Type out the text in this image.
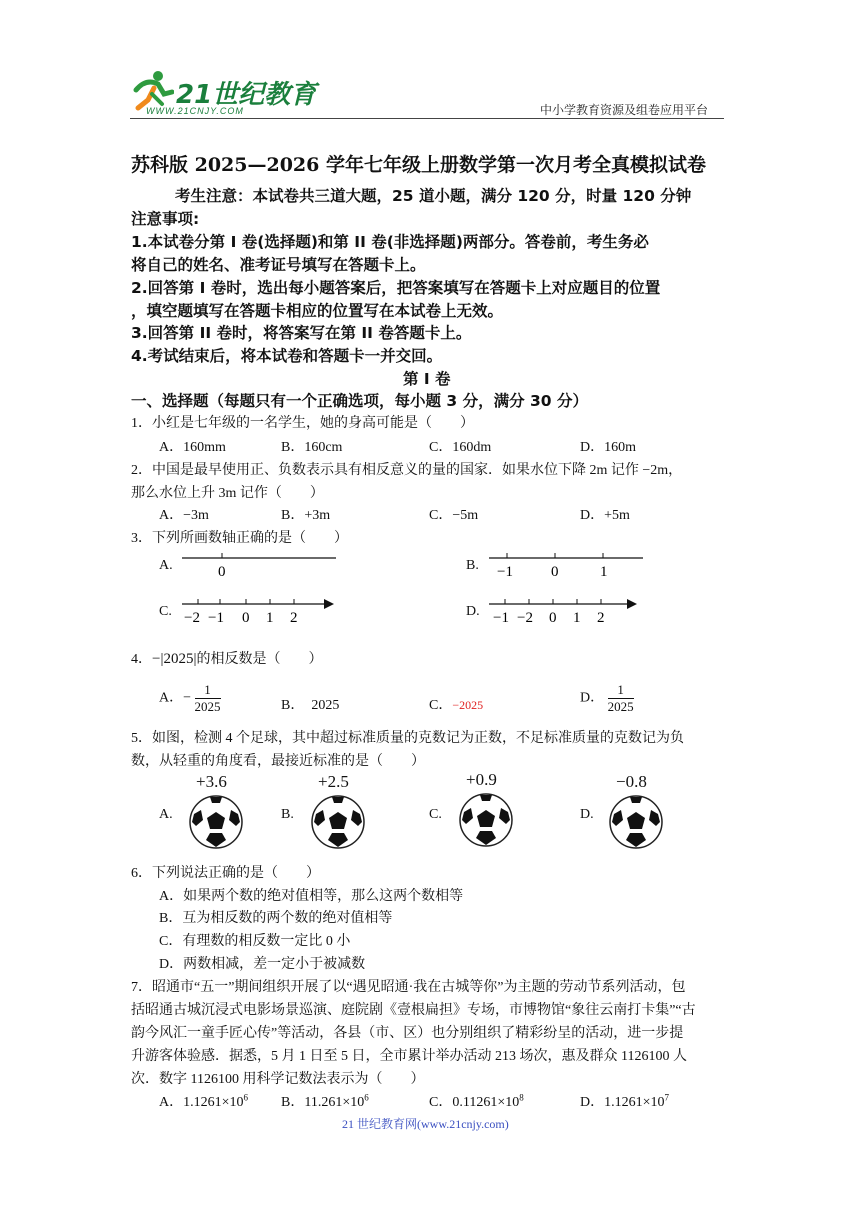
21世纪教育
WWW.21CNJY.COM	中小学教育资源及组卷应用平台
苏科版 2025—2026 学年七年级上册数学第一次月考全真模拟试卷
考生注意：本试卷共三道大题，25 道小题，满分 120 分，时量 120 分钟
注意事项:
1.本试卷分第 I 卷(选择题)和第 II 卷(非选择题)两部分。答卷前，考生务必
将自己的姓名、准考证号填写在答题卡上。
2.回答第 I 卷时，选出每小题答案后，把答案填写在答题卡上对应题目的位置
，填空题填写在答题卡相应的位置写在本试卷上无效。
3.回答第 II 卷时，将答案写在第 II 卷答题卡上。
4.考试结束后，将本试卷和答题卡一并交回。
第 I 卷
一、选择题（每题只有一个正确选项，每小题 3 分，满分 30 分）
1．小红是七年级的一名学生，她的身高可能是（　　）
A．160mm	B．160cm	C．160dm	D．160m
2．中国是最早使用正、负数表示具有相反意义的量的国家．如果水位下降 2m 记作 −2m，
那么水位上升 3m 记作（　　）
A．−3m	B．+3m	C．−5m	D．+5m
3．下列所画数轴正确的是（　　）
A.	0	B. −1	0	1
C. −2 −1 0 1 2	D. −1 −2 0 1 2
4．−|2025|的相反数是（　　）
A．− $\frac{1}{2025}$	B．　2025	C．−2025	D． $\frac{1}{2025}$
5．如图，检测 4 个足球，其中超过标准质量的克数记为正数，不足标准质量的克数记为负
数，从轻重的角度看，最接近标准的是（　　）
A.	B.	C.	D.
+3.6	+2.5	+0.9	−0.8
6．下列说法正确的是（　　）
A．如果两个数的绝对值相等，那么这两个数相等
B．互为相反数的两个数的绝对值相等
C．有理数的相反数一定比 0 小
D．两数相减，差一定小于被减数
7．昭通市“五一”期间组织开展了以“遇见昭通·我在古城等你”为主题的劳动节系列活动，包
括昭通古城沉浸式电影场景巡演、庭院剧《壹根扁担》专场，市博物馆“象往云南打卡集”“古
韵今风汇一童手匠心传”等活动，各县（市、区）也分别组织了精彩纷呈的活动，进一步提
升游客体验感．据悉，5 月 1 日至 5 日，全市累计举办活动 213 场次，惠及群众 1126100 人
次．数字 1126100 用科学记数法表示为（　　）
A．$1.1261\times 10^6$ B．$11.261\times 10^6$	C．$0.11261\times 10^8$	D．$1.1261\times 10^7$
21 世纪教育网(www.21cnjy.com)
